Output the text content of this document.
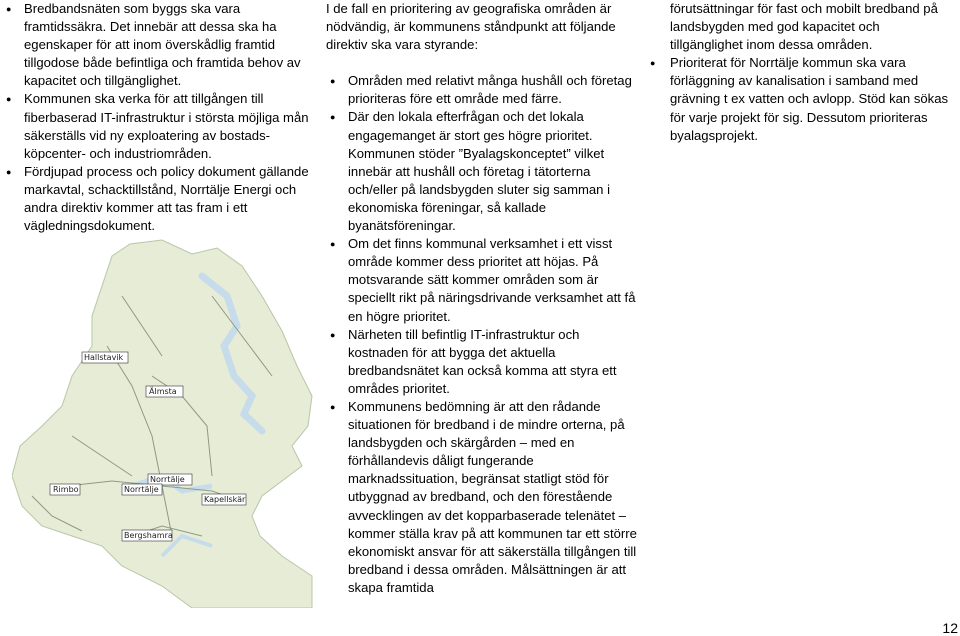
● Bredbandsnäten som byggs ska vara framtidssäkra. Det innebär att dessa ska ha egenskaper för att inom överskådlig framtid tillgodose både befintliga och framtida behov av kapacitet och tillgänglighet.
● Kommunen ska verka för att tillgången till fiberbaserad IT-infrastruktur i största möjliga mån säkerställs vid ny exploatering av bostads- köpcenter- och industriområden.
● Fördjupad process och policy dokument gällande markavtal, schacktillstånd, Norrtälje Energi och andra direktiv kommer att tas fram i ett vägledningsdokument.
Hallstavik
Älmsta
Norrtälje
Norrtälje
Rimbo
Kapellskär
Bergshamra

I de fall en prioritering av geografiska områden är nödvändig, är kommunens ståndpunkt att följande direktiv ska vara styrande:

● Områden med relativt många hushåll och företag prioriteras före ett område med färre.
● Där den lokala efterfrågan och det lokala engagemanget är stort ges högre prioritet. Kommunen stöder ”Byalagskonceptet” vilket innebär att hushåll och företag i tätorterna och/eller på landsbygden sluter sig samman i ekonomiska föreningar, så kallade byanätsföreningar.
● Om det finns kommunal verksamhet i ett visst område kommer dess prioritet att höjas. På motsvarande sätt kommer områden som är speciellt rikt på näringsdrivande verksamhet att få en högre prioritet.
● Närheten till befintlig IT-infrastruktur och kostnaden för att bygga det aktuella bredbandsnätet kan också komma att styra ett områdes prioritet.
● Kommunens bedömning är att den rådande situationen för bredband i de mindre orterna, på landsbygden och skärgården – med en förhållandevis dåligt fungerande marknadssituation, begränsat statligt stöd för utbyggnad av bredband, och den förestående avvecklingen av det kopparbaserade telenätet – kommer ställa krav på att kommunen tar ett större ekonomiskt ansvar för att säkerställa tillgången till bredband i dessa områden. Målsättningen är att skapa framtida

förutsättningar för fast och mobilt bredband på landsbygden med god kapacitet och tillgänglighet inom dessa områden.

● Prioriterat för Norrtälje kommun ska vara förläggning av kanalisation i samband med grävning t ex vatten och avlopp. Stöd kan sökas för varje projekt för sig. Dessutom prioriteras byalagsprojekt.
12
